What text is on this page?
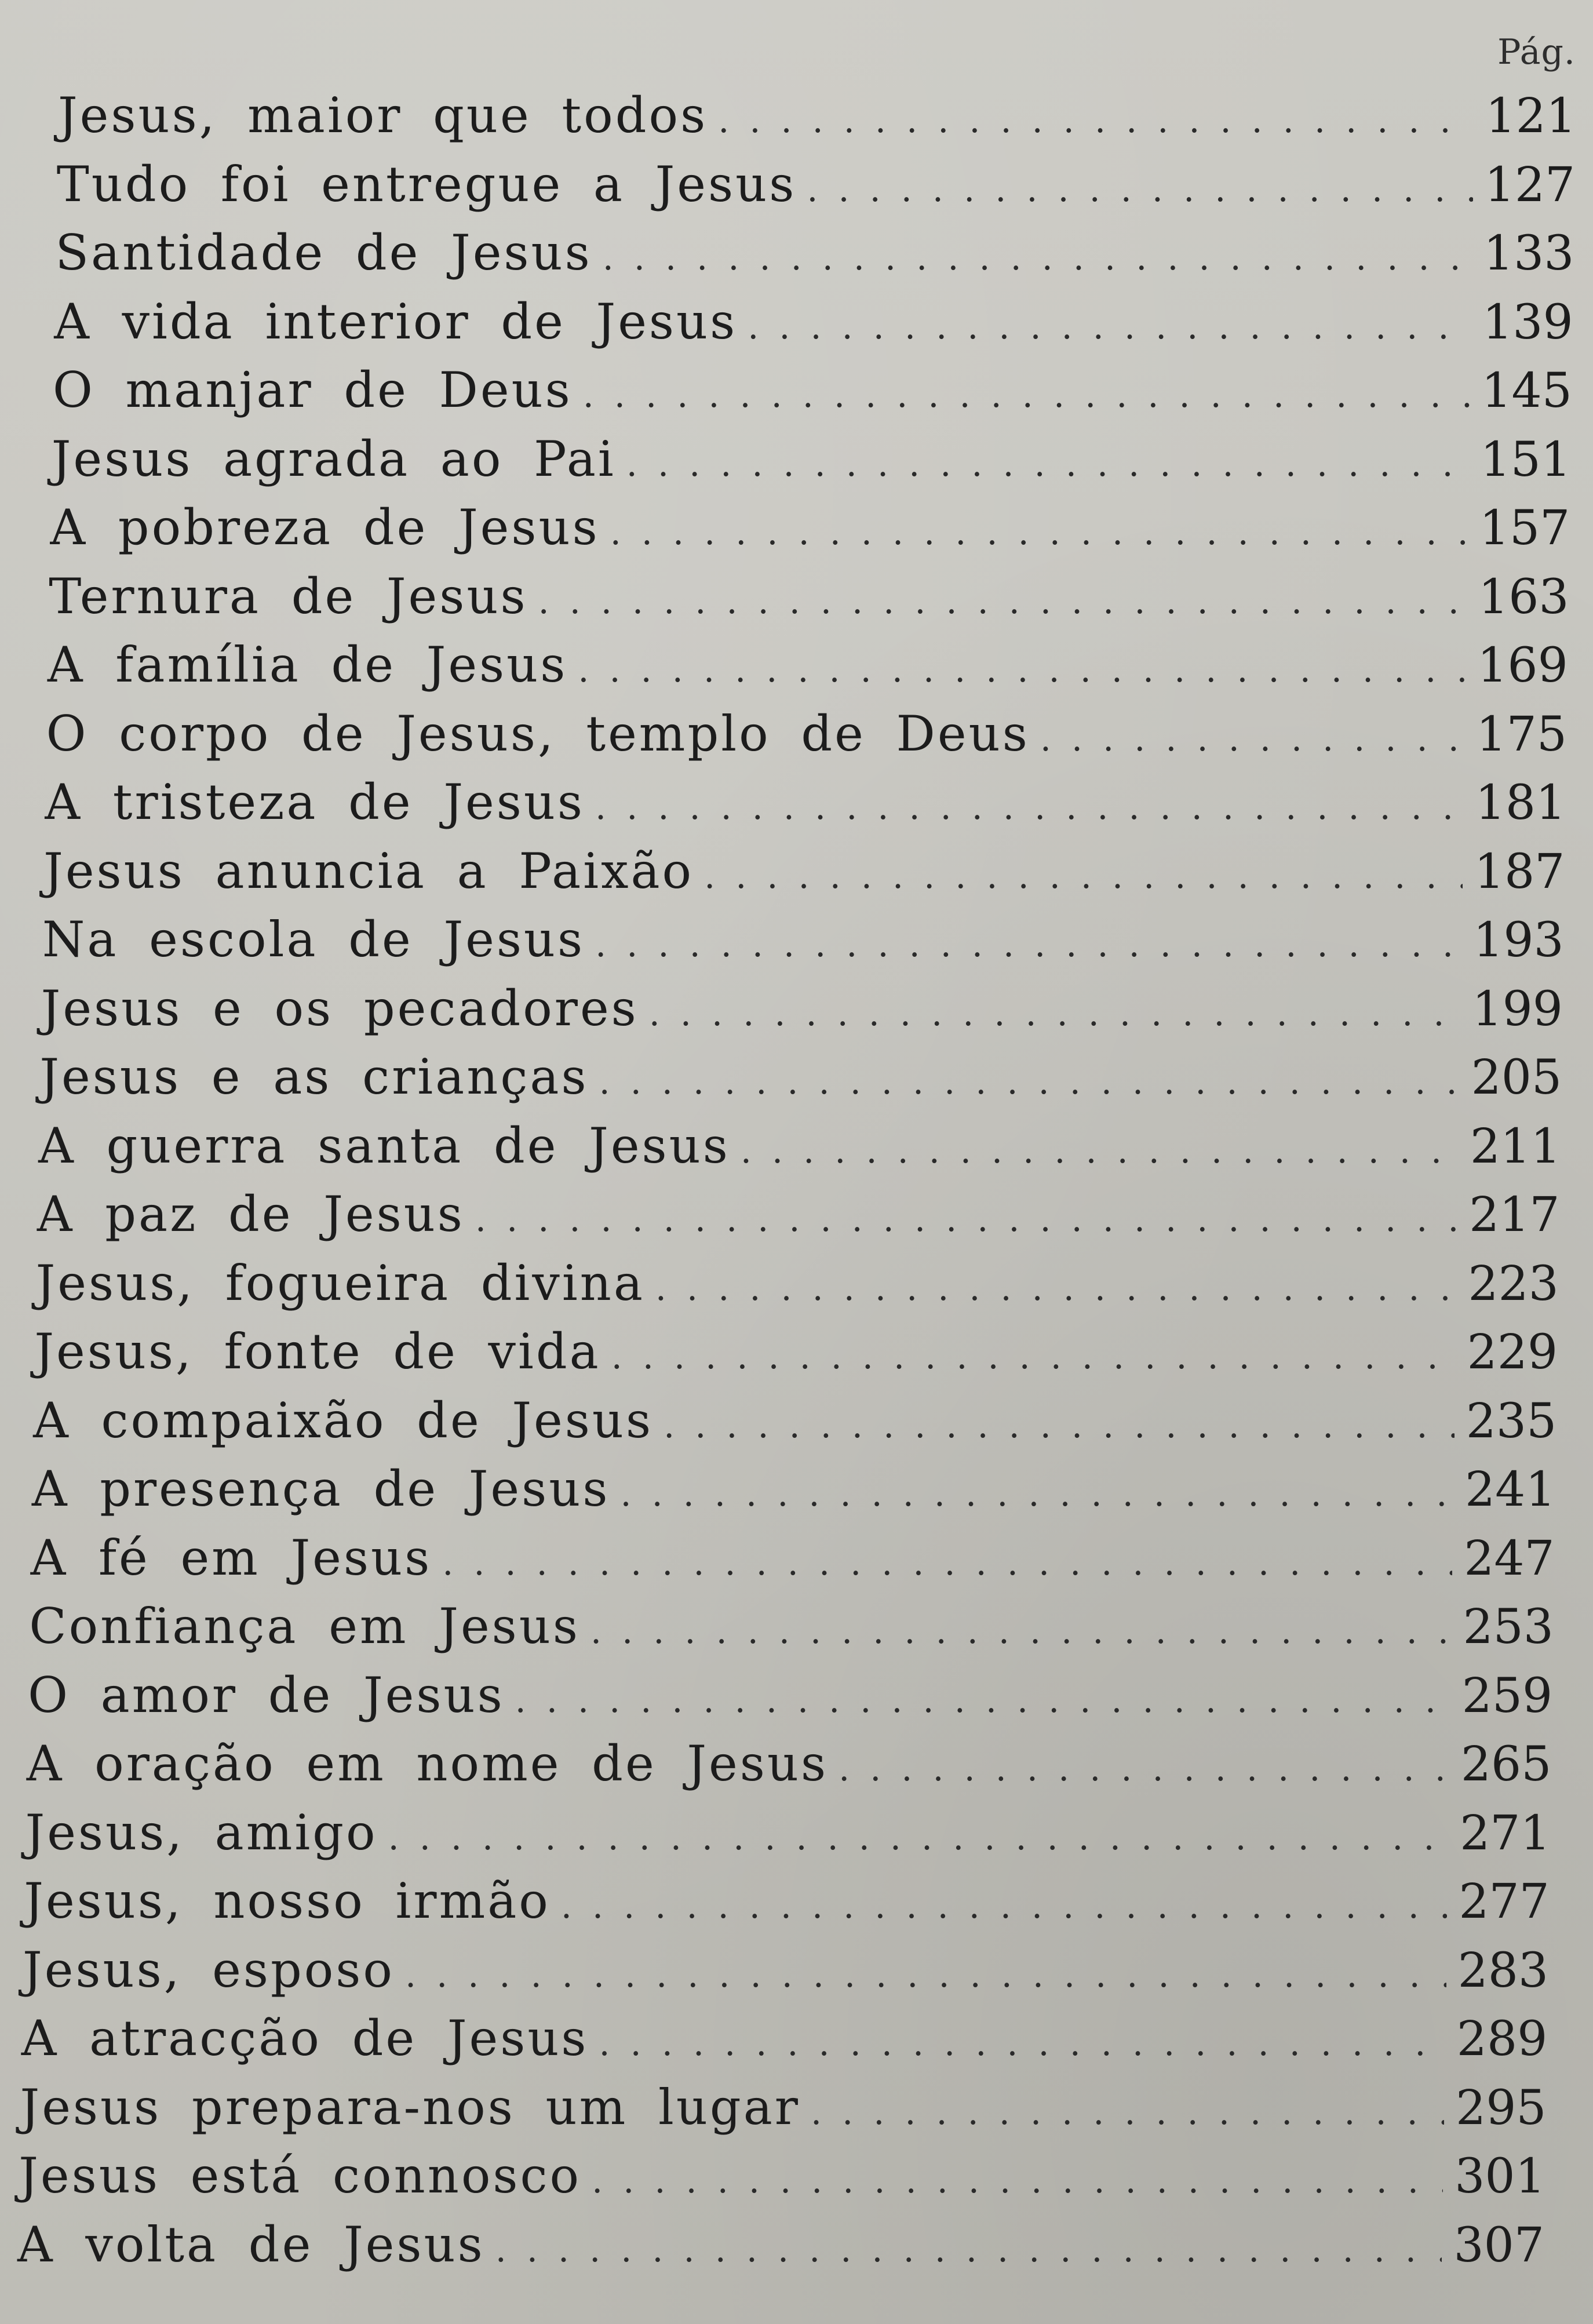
Pág.
Jesus, maior que todos . . .	121
Tudo foi entregue a Jesus . . .	127
Santidade de Jesus . . .	133
A vida interior de Jesus . . .	139
O manjar de Deus . . .	145
Jesus agrada ao Pai . . .	151
A pobreza de Jesus . . .	157
Ternura de Jesus . . .	163
A família de Jesus . . .	169
O corpo de Jesus, templo de Deus . . .	175
A tristeza de Jesus . . .	181
Jesus anuncia a Paixão . . .	187
Na escola de Jesus . . .	193
Jesus e os pecadores . . .	199
Jesus e as crianças . . .	205
A guerra santa de Jesus . . .	211
A paz de Jesus . . .	217
Jesus, fogueira divina . . .	223
Jesus, fonte de vida . . .	229
A compaixão de Jesus . . .	235
A presença de Jesus . . .	241
A fé em Jesus . . .	247
Confiança em Jesus . . .	253
O amor de Jesus . . .	259
A oração em nome de Jesus . . .	265
Jesus, amigo . . .	271
Jesus, nosso irmão . . .	277
Jesus, esposo . . .	283
A atracção de Jesus . . .	289
Jesus prepara-nos um lugar . . .	295
Jesus está connosco . . .	301
A volta de Jesus . . .	307
